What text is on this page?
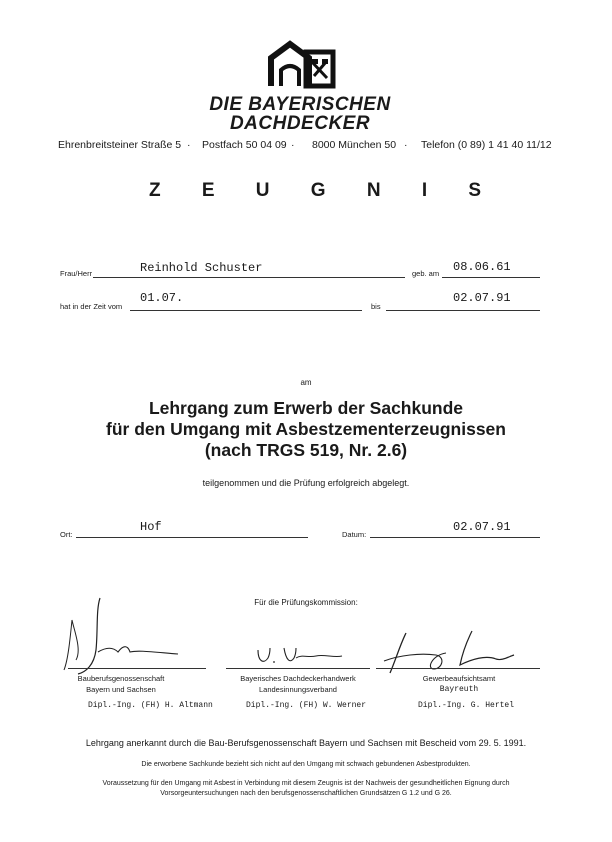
DIE BAYERISCHEN
DACHDECKER
Ehrenbreitsteiner Straße 5 · Postfach 50 04 09 · 8000 München 50 · Telefon (0 89) 1 41 40 11/12
Z E U G N I S
Frau/Herr	Reinhold Schuster	geb. am 08.06.61
hat in der Zeit vom
01.07.
bis
02.07.91
am
Lehrgang zum Erwerb der Sachkunde
für den Umgang mit Asbestzementerzeugnissen
(nach TRGS 519, Nr. 2.6)
teilgenommen und die Prüfung erfolgreich abgelegt.
Ort:
Hof
Datum:
02.07.91
Für die Prüfungskommission:
Bauberufsgenossenschaft
Bayern und Sachsen
Dipl.-Ing. (FH) H. Altmann
Bayerisches Dachdeckerhandwerk
Landesinnungsverband
Dipl.-Ing. (FH) W. Werner
Gewerbeaufsichtsamt
Bayreuth
Dipl.-Ing. G. Hertel
Lehrgang anerkannt durch die Bau-Berufsgenossenschaft Bayern und Sachsen mit Bescheid vom 29. 5. 1991.
Die erworbene Sachkunde bezieht sich nicht auf den Umgang mit schwach gebundenen Asbestprodukten.
Voraussetzung für den Umgang mit Asbest in Verbindung mit diesem Zeugnis ist der Nachweis der gesundheitlichen Eignung durch
Vorsorgeuntersuchungen nach den berufsgenossenschaftlichen Grundsätzen G 1.2 und G 26.
